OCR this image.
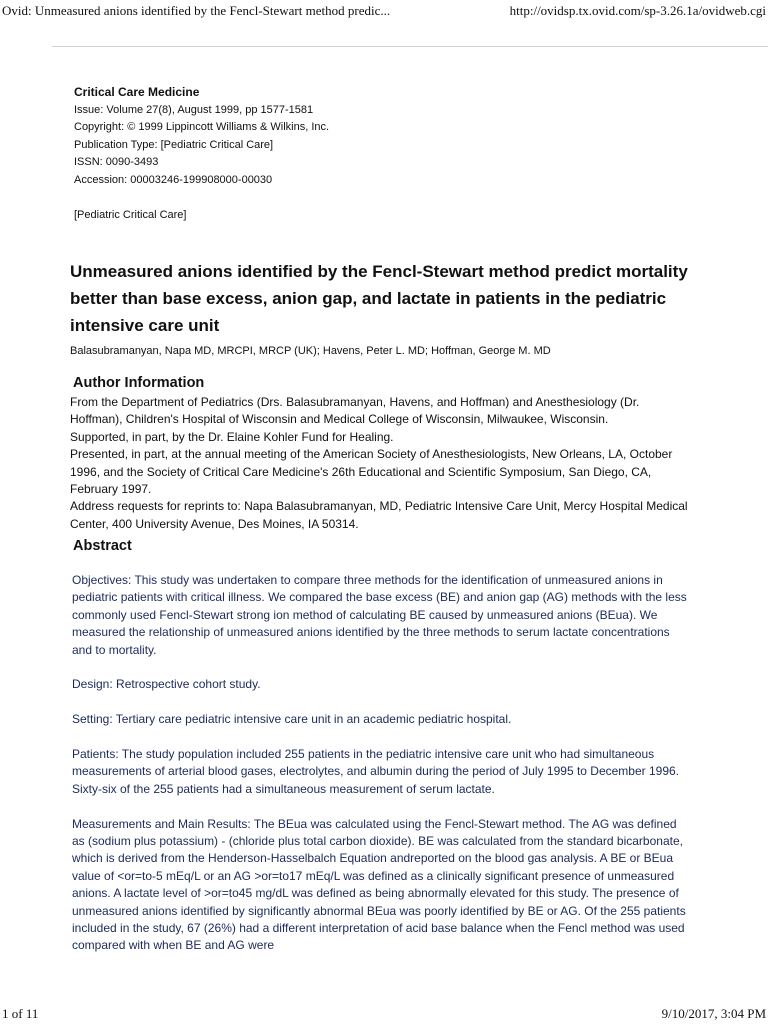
Ovid: Unmeasured anions identified by the Fencl-Stewart method predic...	http://ovidsp.tx.ovid.com/sp-3.26.1a/ovidweb.cgi
Critical Care Medicine
Issue: Volume 27(8), August 1999, pp 1577-1581
Copyright: © 1999 Lippincott Williams & Wilkins, Inc.
Publication Type: [Pediatric Critical Care]
ISSN: 0090-3493
Accession: 00003246-199908000-00030
[Pediatric Critical Care]
Unmeasured anions identified by the Fencl-Stewart method predict mortality better than base excess, anion gap, and lactate in patients in the pediatric intensive care unit
Balasubramanyan, Napa MD, MRCPI, MRCP (UK); Havens, Peter L. MD; Hoffman, George M. MD
Author Information

From the Department of Pediatrics (Drs. Balasubramanyan, Havens, and Hoffman) and Anesthesiology (Dr. Hoffman), Children's Hospital of Wisconsin and Medical College of Wisconsin, Milwaukee, Wisconsin.

Supported, in part, by the Dr. Elaine Kohler Fund for Healing.

Presented, in part, at the annual meeting of the American Society of Anesthesiologists, New Orleans, LA, October 1996, and the Society of Critical Care Medicine's 26th Educational and Scientific Symposium, San Diego, CA, February 1997.

Address requests for reprints to: Napa Balasubramanyan, MD, Pediatric Intensive Care Unit, Mercy Hospital Medical Center, 400 University Avenue, Des Moines, IA 50314.

Abstract

Objectives: This study was undertaken to compare three methods for the identification of unmeasured anions in pediatric patients with critical illness. We compared the base excess (BE) and anion gap (AG) methods with the less commonly used Fencl-Stewart strong ion method of calculating BE caused by unmeasured anions (BEua). We measured the relationship of unmeasured anions identified by the three methods to serum lactate concentrations and to mortality.

Design: Retrospective cohort study.

Setting: Tertiary care pediatric intensive care unit in an academic pediatric hospital.

Patients: The study population included 255 patients in the pediatric intensive care unit who had simultaneous measurements of arterial blood gases, electrolytes, and albumin during the period of July 1995 to December 1996. Sixty-six of the 255 patients had a simultaneous measurement of serum lactate.

Measurements and Main Results: The BEua was calculated using the Fencl-Stewart method. The AG was defined as (sodium plus potassium) - (chloride plus total carbon dioxide). BE was calculated from the standard bicarbonate, which is derived from the Henderson-Hasselbalch Equation andreported on the blood gas analysis. A BE or BEua value of <or=to-5 mEq/L or an AG >or=to17 mEq/L was defined as a clinically significant presence of unmeasured anions. A lactate level of >or=to45 mg/dL was defined as being abnormally elevated for this study. The presence of unmeasured anions identified by significantly abnormal BEua was poorly identified by BE or AG. Of the 255 patients included in the study, 67 (26%) had a different interpretation of acid base balance when the Fencl method was used compared with when BE and AG were

1 of 11	9/10/2017, 3:04 PM
